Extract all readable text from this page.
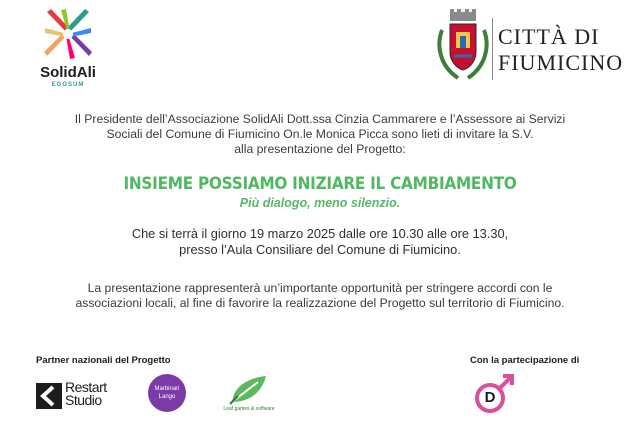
SolidAli
EGOSUM
CITTÀ DI
FIUMICINO
Il Presidente dell’Associazione SolidAli Dott.ssa Cinzia Cammarere e l’Assessore ai Servizi
Sociali del Comune di Fiumicino On.le Monica Picca sono lieti di invitare la S.V.
alla presentazione del Progetto:
INSIEME POSSIAMO INIZIARE IL CAMBIAMENTO
Più dialogo, meno silenzio.
Che si terrà il giorno 19 marzo 2025 dalle ore 10.30 alle ore 13.30,
presso l’Aula Consiliare del Comune di Fiumicino.
La presentazione rappresenterà un’importante opportunità per stringere accordi con le
associazioni locali, al fine di favorire la realizzazione del Progetto sul territorio di Fiumicino.
Partner nazionali del Progetto	Con la partecipazione di
Restart
Studio
Marbinari
Lango
Leaf games & software
D
